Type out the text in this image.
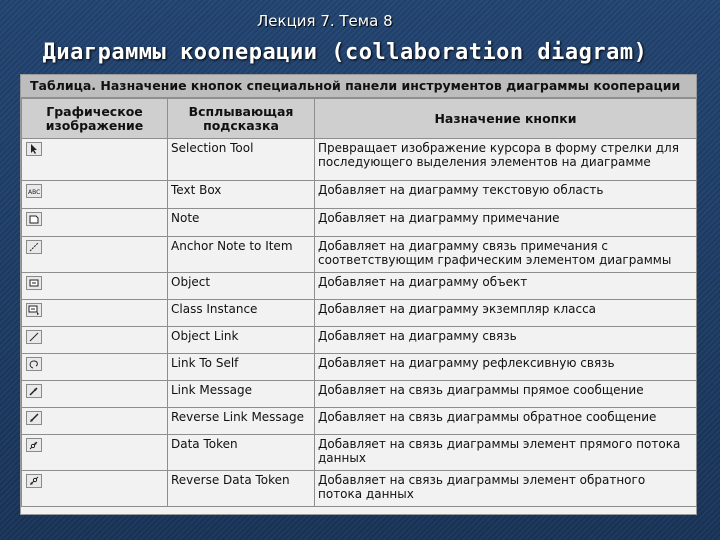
Лекция 7. Тема 8
Диаграммы кооперации (collaboration diagram)
Таблица. Назначение кнопок специальной панели инструментов диаграммы кооперации
Графическое изображение	Всплывающая подсказка	Назначение кнопки

	Selection Tool	Превращает изображение курсора в форму стрелки для последующего выделения элементов на диаграмме

ABC	Text Box	Добавляет на диаграмму текстовую область

	Note	Добавляет на диаграмму примечание

	Anchor Note to Item	Добавляет на диаграмму связь примечания с соответствующим графическим элементом диаграммы

	Object	Добавляет на диаграмму объект

	Class Instance	Добавляет на диаграмму экземпляр класса

	Object Link	Добавляет на диаграмму связь

	Link To Self	Добавляет на диаграмму рефлексивную связь

	Link Message	Добавляет на связь диаграммы прямое сообщение

	Reverse Link Message	Добавляет на связь диаграммы обратное сообщение

	Data Token	Добавляет на связь диаграммы элемент прямого потока данных

	Reverse Data Token	Добавляет на связь диаграммы элемент обратного потока данных
